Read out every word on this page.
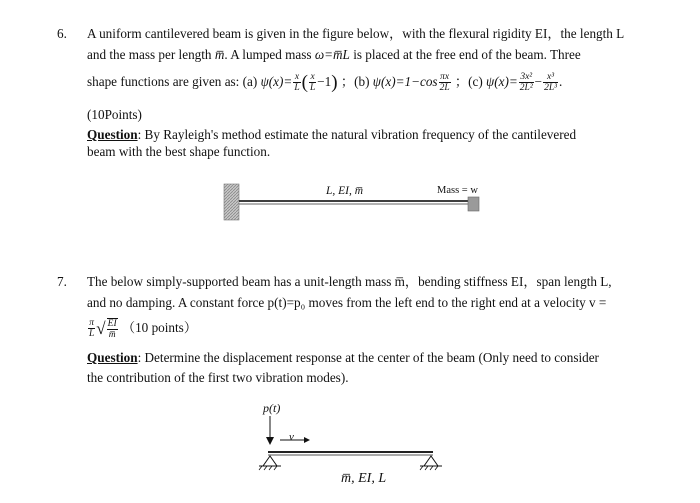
6. A uniform cantilevered beam is given in the figure below，with the flexural rigidity EI，the length L
and the mass per length m̅. A lumped mass ω=m̅L is placed at the free end of the beam. Three
shape functions are given as: (a) $\psi(x)= \frac{x}{L}$ ( $\frac{x}{L} -1$) ；(b) $\psi(x)=1-\cos \frac{\pi x}{2L}$ ；(c) $\psi(x)= \frac{\text{3x²}}{\text{2L²}} - \frac{\text{x³}}{\text{2L³}}$ .
(10Points)
Question: By Rayleigh's method estimate the natural vibration frequency of the cantilevered
beam with the best shape function.
L, EI, m̅	Mass = w
7. The below simply-supported beam has a unit-length mass m̅，bending stiffness EI，span length L,
and no damping. A constant force p(t)=p₀ moves from the left end to the right end at a velocity v =
$\frac{\pi}{L}$ √ $\frac{EI}{m̅} (10$ points）
Question: Determine the displacement response at the center of the beam (Only need to consider
the contribution of the first two vibration modes).
p(t)
v
m̅, EI, L
